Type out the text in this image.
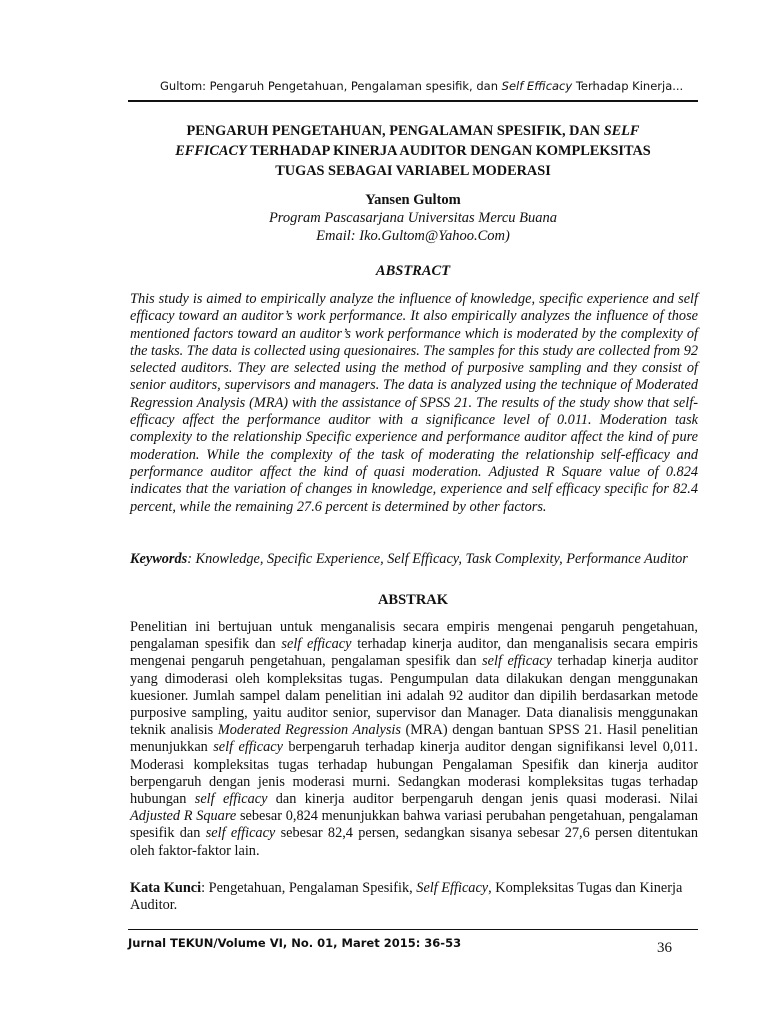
Gultom: Pengaruh Pengetahuan, Pengalaman spesifik, dan Self Efficacy Terhadap Kinerja...
PENGARUH PENGETAHUAN, PENGALAMAN SPESIFIK, DAN SELF
EFFICACY TERHADAP KINERJA AUDITOR DENGAN KOMPLEKSITAS
TUGAS SEBAGAI VARIABEL MODERASI
Yansen Gultom
Program Pascasarjana Universitas Mercu Buana
Email: Iko.Gultom@Yahoo.Com)
ABSTRACT
This study is aimed to empirically analyze the influence of knowledge, specific experience and self efficacy toward an auditor’s work performance. It also empirically analyzes the influence of those mentioned factors toward an auditor’s work performance which is moderated by the complexity of the tasks. The data is collected using quesionaires. The samples for this study are collected from 92 selected auditors. They are selected using the method of purposive sampling and they consist of senior auditors, supervisors and managers. The data is analyzed using the technique of Moderated Regression Analysis (MRA) with the assistance of SPSS 21. The results of the study show that self-efficacy affect the performance auditor with a significance level of 0.011. Moderation task complexity to the relationship Specific experience and performance auditor affect the kind of pure moderation. While the complexity of the task of moderating the relationship self-efficacy and performance auditor affect the kind of quasi moderation. Adjusted R Square value of 0.824 indicates that the variation of changes in knowledge, experience and self efficacy specific for 82.4 percent, while the remaining 27.6 percent is determined by other factors.
Keywords: Knowledge, Specific Experience, Self Efficacy, Task Complexity, Performance Auditor
ABSTRAK
Penelitian ini bertujuan untuk menganalisis secara empiris mengenai pengaruh pengetahuan, pengalaman spesifik dan self efficacy terhadap kinerja auditor, dan menganalisis secara empiris mengenai pengaruh pengetahuan, pengalaman spesifik dan self efficacy terhadap kinerja auditor yang dimoderasi oleh kompleksitas tugas. Pengumpulan data dilakukan dengan menggunakan kuesioner. Jumlah sampel dalam penelitian ini adalah 92 auditor dan dipilih berdasarkan metode purposive sampling, yaitu auditor senior, supervisor dan Manager. Data dianalisis menggunakan teknik analisis Moderated Regression Analysis (MRA) dengan bantuan SPSS 21. Hasil penelitian menunjukkan self efficacy berpengaruh terhadap kinerja auditor dengan signifikansi level 0,011. Moderasi kompleksitas tugas terhadap hubungan Pengalaman Spesifik dan kinerja auditor berpengaruh dengan jenis moderasi murni. Sedangkan moderasi kompleksitas tugas terhadap hubungan self efficacy dan kinerja auditor berpengaruh dengan jenis quasi moderasi. Nilai Adjusted R Square sebesar 0,824 menunjukkan bahwa variasi perubahan pengetahuan, pengalaman spesifik dan self efficacy sebesar 82,4 persen, sedangkan sisanya sebesar 27,6 persen ditentukan oleh faktor-faktor lain.
Kata Kunci: Pengetahuan, Pengalaman Spesifik, Self Efficacy, Kompleksitas Tugas dan Kinerja Auditor.
Jurnal TEKUN/Volume VI, No. 01, Maret 2015: 36-53	36
